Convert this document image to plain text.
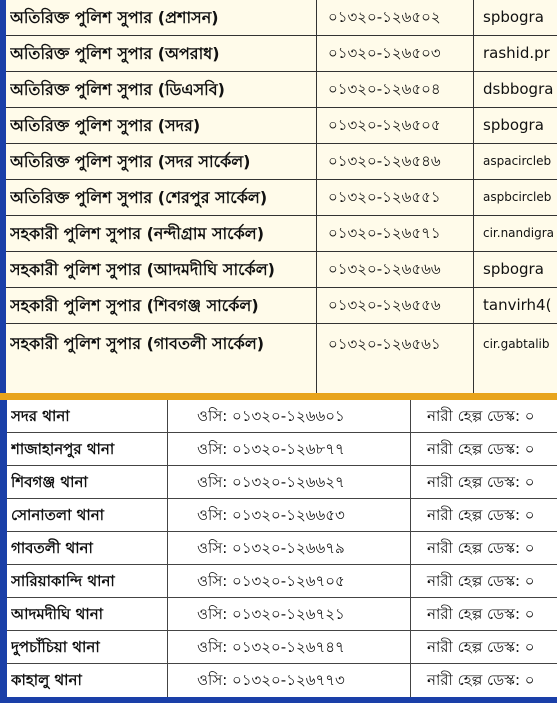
অতিরিক্ত পুলিশ সুপার (প্রশাসন)	০১৩২০-১২৬৫০২	spbogra
অতিরিক্ত পুলিশ সুপার (অপরাধ)	০১৩২০-১২৬৫০৩	rashid.pr
অতিরিক্ত পুলিশ সুপার (ডিএসবি)	০১৩২০-১২৬৫০৪	dsbbogra
অতিরিক্ত পুলিশ সুপার (সদর)	০১৩২০-১২৬৫০৫	spbogra
অতিরিক্ত পুলিশ সুপার (সদর সার্কেল)	০১৩২০-১২৬৫৪৬	aspacircleb
অতিরিক্ত পুলিশ সুপার (শেরপুর সার্কেল)	০১৩২০-১২৬৫৫১	aspbcircleb
সহকারী পুলিশ সুপার (নন্দীগ্রাম সার্কেল)	০১৩২০-১২৬৫৭১	cir.nandigra
সহকারী পুলিশ সুপার (আদমদীঘি সার্কেল)	০১৩২০-১২৬৫৬৬	spbogra
সহকারী পুলিশ সুপার (শিবগঞ্জ সার্কেল)	০১৩২০-১২৬৫৫৬	tanvirh4(
সহকারী পুলিশ সুপার (গাবতলী সার্কেল)	০১৩২০-১২৬৫৬১	cir.gabtalib
সদর থানা	ওসি: ০১৩২০-১২৬৬০১	নারী হেল্প ডেস্ক: ০
শাজাহানপুর থানা	ওসি: ০১৩২০-১২৬৮৭৭	নারী হেল্প ডেস্ক: ০
শিবগঞ্জ থানা	ওসি: ০১৩২০-১২৬৬২৭	নারী হেল্প ডেস্ক: ০
সোনাতলা থানা	ওসি: ০১৩২০-১২৬৬৫৩	নারী হেল্প ডেস্ক: ০
গাবতলী থানা	ওসি: ০১৩২০-১২৬৬৭৯	নারী হেল্প ডেস্ক: ০
সারিয়াকান্দি থানা	ওসি: ০১৩২০-১২৬৭০৫	নারী হেল্প ডেস্ক: ০
আদমদীঘি থানা	ওসি: ০১৩২০-১২৬৭২১	নারী হেল্প ডেস্ক: ০
দুপচাঁচিয়া থানা	ওসি: ০১৩২০-১২৬৭৪৭	নারী হেল্প ডেস্ক: ০
কাহালু থানা	ওসি: ০১৩২০-১২৬৭৭৩	নারী হেল্প ডেস্ক: ০
